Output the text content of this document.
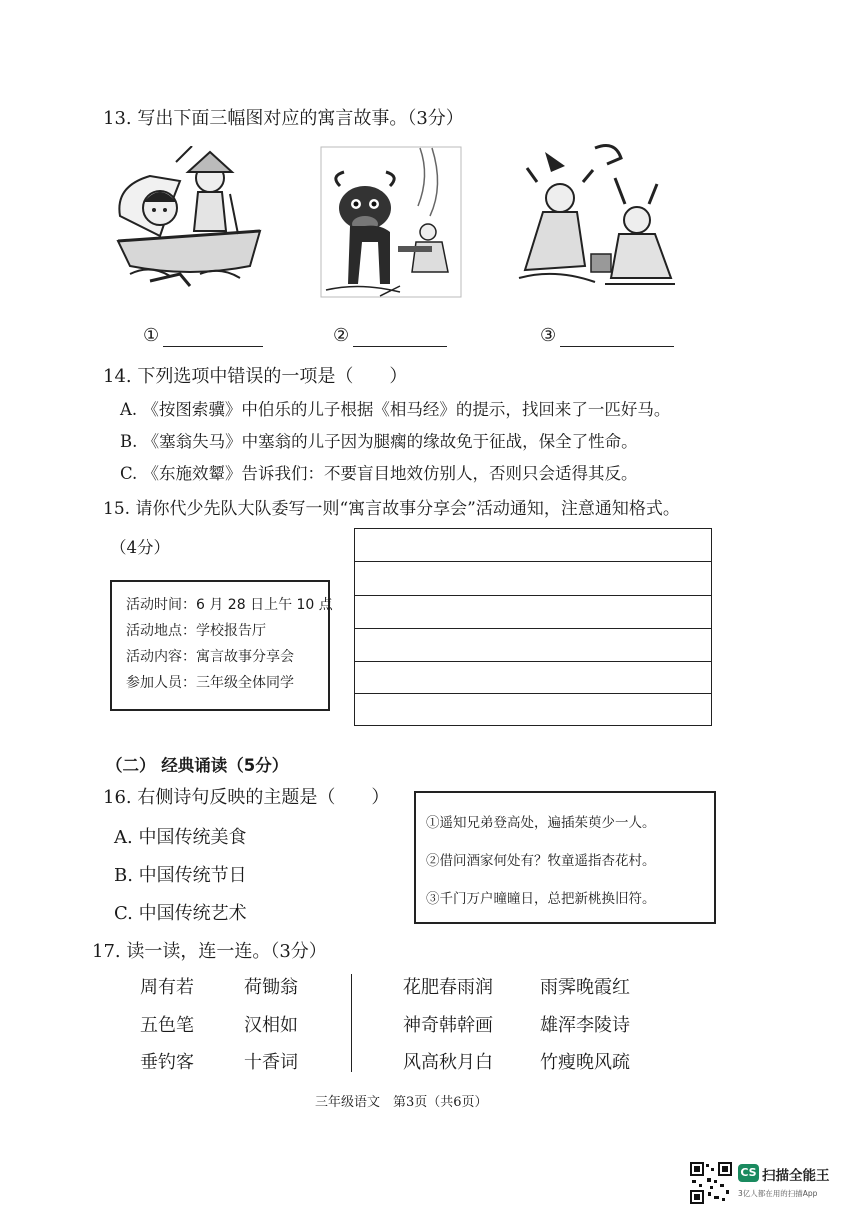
13. 写出下面三幅图对应的寓言故事。（3分）
①	②	③
14. 下列选项中错误的一项是（　　）
A. 《按图索骥》中伯乐的儿子根据《相马经》的提示，找回来了一匹好马。
B. 《塞翁失马》中塞翁的儿子因为腿瘸的缘故免于征战，保全了性命。
C. 《东施效颦》告诉我们：不要盲目地效仿别人，否则只会适得其反。
15. 请你代少先队大队委写一则“寓言故事分享会”活动通知，注意通知格式。
（4分）
活动时间：6 月 28 日上午 10 点
活动地点：学校报告厅
活动内容：寓言故事分享会
参加人员：三年级全体同学
（二） 经典诵读（5分）
16. 右侧诗句反映的主题是（　　）
A. 中国传统美食
B. 中国传统节日
C. 中国传统艺术
①遥知兄弟登高处，遍插茱萸少一人。
②借问酒家何处有？牧童遥指杏花村。
③千门万户曈曈日，总把新桃换旧符。
17. 读一读，连一连。（3分）
周有若
五色笔
垂钓客
荷锄翁
汉相如
十香词
花肥春雨润
神奇韩幹画
风高秋月白
雨霁晚霞红
雄浑李陵诗
竹瘦晚风疏
三年级语文　第3页（共6页）
CS 扫描全能王
3亿人都在用的扫描App
